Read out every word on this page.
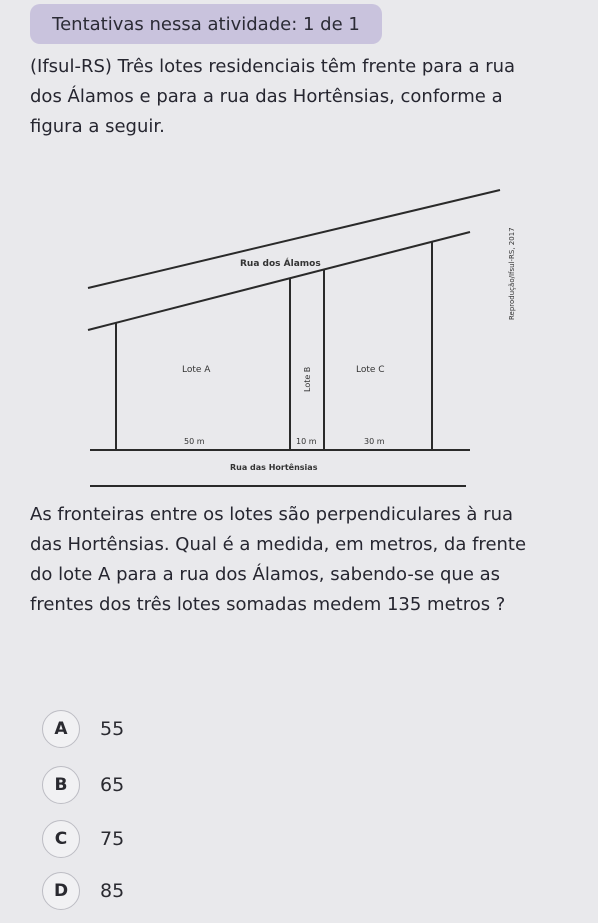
Tentativas nessa atividade: 1 de 1
(Ifsul-RS) Três lotes residenciais têm frente para a rua
dos Álamos e para a rua das Hortênsias, conforme a
figura a seguir.
Rua dos Álamos
Lote A	Lote B	Lote C
50 m	10 m	30 m
Rua das Hortênsias
Reprodução/Ifsul-RS, 2017
As fronteiras entre os lotes são perpendiculares à rua
das Hortênsias. Qual é a medida, em metros, da frente
do lote A para a rua dos Álamos, sabendo-se que as
frentes dos três lotes somadas medem 135 metros ?
A	55
B	65
C	75
D	85
